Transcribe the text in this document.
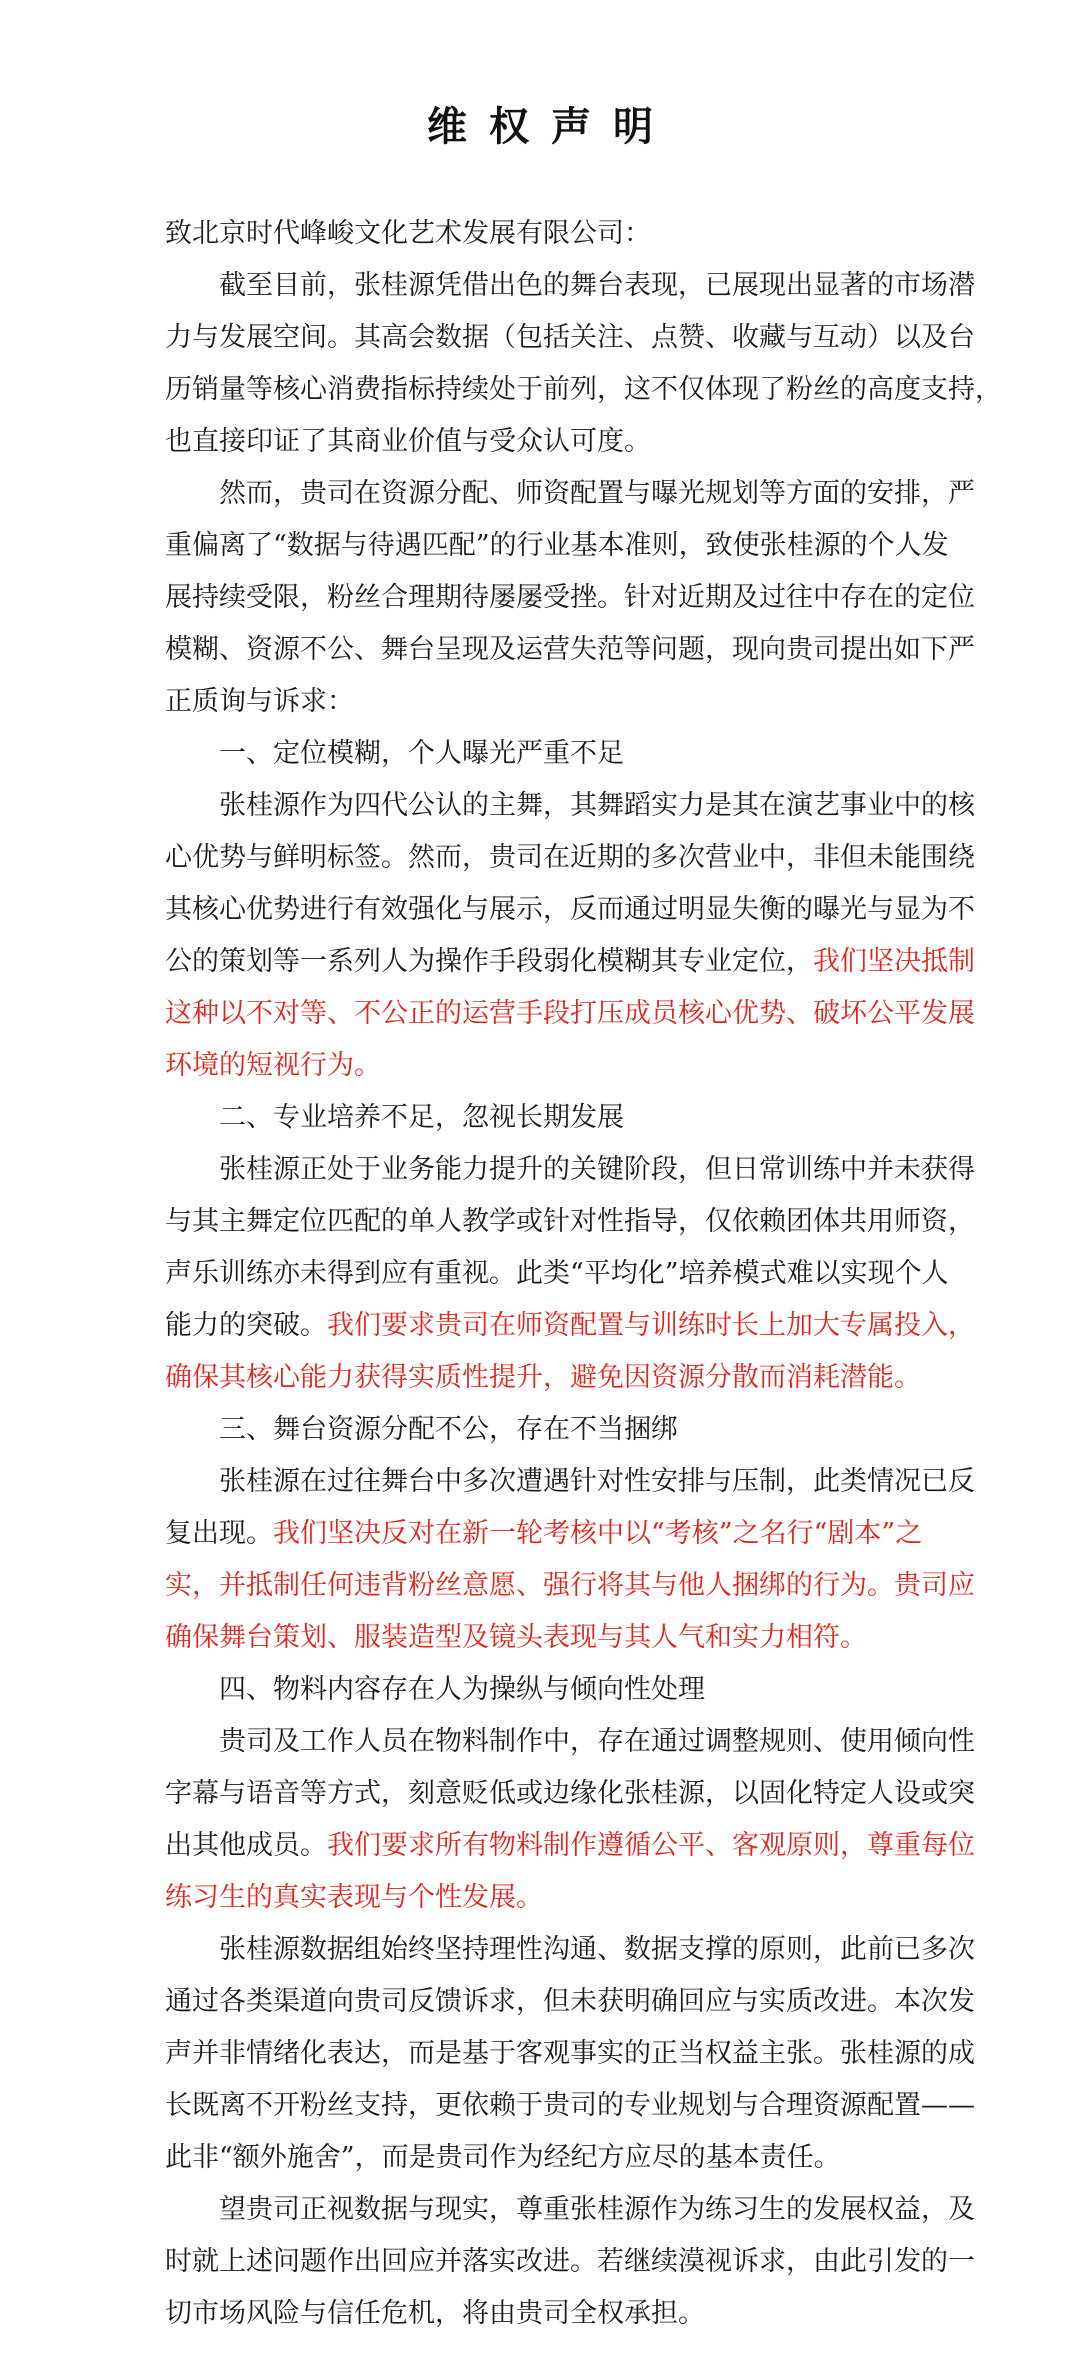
维权声明
致北京时代峰峻文化艺术发展有限公司：
截至目前，张桂源凭借出色的舞台表现，已展现出显著的市场潜
力与发展空间。其高会数据（包括关注、点赞、收藏与互动）以及台
历销量等核心消费指标持续处于前列，这不仅体现了粉丝的高度支持，
也直接印证了其商业价值与受众认可度。
然而，贵司在资源分配、师资配置与曝光规划等方面的安排，严
重偏离了“数据与待遇匹配”的行业基本准则，致使张桂源的个人发
展持续受限，粉丝合理期待屡屡受挫。针对近期及过往中存在的定位
模糊、资源不公、舞台呈现及运营失范等问题，现向贵司提出如下严
正质询与诉求：
一、定位模糊，个人曝光严重不足
张桂源作为四代公认的主舞，其舞蹈实力是其在演艺事业中的核
心优势与鲜明标签。然而，贵司在近期的多次营业中，非但未能围绕
其核心优势进行有效强化与展示，反而通过明显失衡的曝光与显为不
公的策划等一系列人为操作手段弱化模糊其专业定位，我们坚决抵制
这种以不对等、不公正的运营手段打压成员核心优势、破坏公平发展
环境的短视行为。
二、专业培养不足，忽视长期发展
张桂源正处于业务能力提升的关键阶段，但日常训练中并未获得
与其主舞定位匹配的单人教学或针对性指导，仅依赖团体共用师资，
声乐训练亦未得到应有重视。此类“平均化”培养模式难以实现个人
能力的突破。我们要求贵司在师资配置与训练时长上加大专属投入，
确保其核心能力获得实质性提升，避免因资源分散而消耗潜能。
三、舞台资源分配不公，存在不当捆绑
张桂源在过往舞台中多次遭遇针对性安排与压制，此类情况已反
复出现。我们坚决反对在新一轮考核中以“考核”之名行“剧本”之
实，并抵制任何违背粉丝意愿、强行将其与他人捆绑的行为。贵司应
确保舞台策划、服装造型及镜头表现与其人气和实力相符。
四、物料内容存在人为操纵与倾向性处理
贵司及工作人员在物料制作中，存在通过调整规则、使用倾向性
字幕与语音等方式，刻意贬低或边缘化张桂源，以固化特定人设或突
出其他成员。我们要求所有物料制作遵循公平、客观原则，尊重每位
练习生的真实表现与个性发展。
张桂源数据组始终坚持理性沟通、数据支撑的原则，此前已多次
通过各类渠道向贵司反馈诉求，但未获明确回应与实质改进。本次发
声并非情绪化表达，而是基于客观事实的正当权益主张。张桂源的成
长既离不开粉丝支持，更依赖于贵司的专业规划与合理资源配置——
此非“额外施舍”，而是贵司作为经纪方应尽的基本责任。
望贵司正视数据与现实，尊重张桂源作为练习生的发展权益，及
时就上述问题作出回应并落实改进。若继续漠视诉求，由此引发的一
切市场风险与信任危机，将由贵司全权承担。
